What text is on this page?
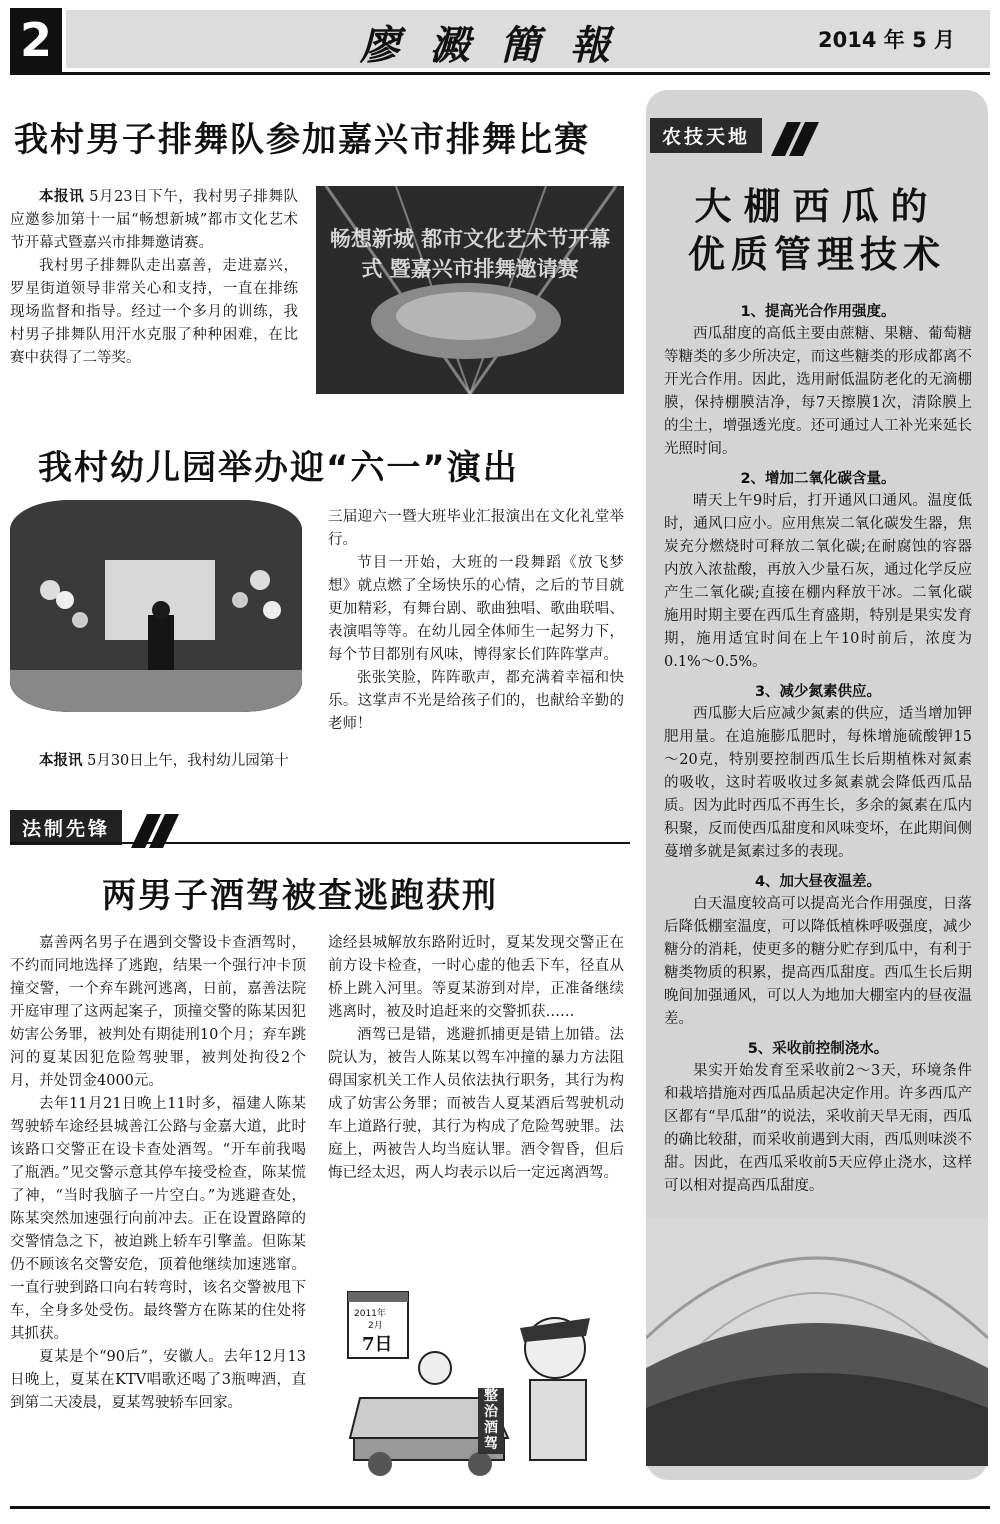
2	廖澱簡報	2014 年 5 月
我村男子排舞队参加嘉兴市排舞比赛

本报讯 5月23日下午，我村男子排舞队应邀参加第十一届“畅想新城”都市文化艺术节开幕式暨嘉兴市排舞邀请赛。

我村男子排舞队走出嘉善，走进嘉兴，罗星街道领导非常关心和支持，一直在排练现场监督和指导。经过一个多月的训练，我村男子排舞队用汗水克服了种种困难，在比赛中获得了二等奖。

畅想新城 都市文化艺术节开幕式 暨嘉兴市排舞邀请赛
我村幼儿园举办迎“六一”演出

本报讯 5月30日上午，我村幼儿园第十

三届迎六一暨大班毕业汇报演出在文化礼堂举行。

节目一开始，大班的一段舞蹈《放飞梦想》就点燃了全场快乐的心情，之后的节目就更加精彩，有舞台剧、歌曲独唱、歌曲联唱、表演唱等等。在幼儿园全体师生一起努力下，每个节目都别有风味，博得家长们阵阵掌声。

张张笑脸，阵阵歌声，都充满着幸福和快乐。这掌声不光是给孩子们的，也献给辛勤的老师！

法制先锋
两男子酒驾被查逃跑获刑

嘉善两名男子在遇到交警设卡查酒驾时，不约而同地选择了逃跑，结果一个强行冲卡顶撞交警，一个弃车跳河逃离，日前，嘉善法院开庭审理了这两起案子，顶撞交警的陈某因犯妨害公务罪，被判处有期徒刑10个月；弃车跳河的夏某因犯危险驾驶罪，被判处拘役2个月，并处罚金4000元。

去年11月21日晚上11时多，福建人陈某驾驶轿车途经县城善江公路与金嘉大道，此时该路口交警正在设卡查处酒驾。“开车前我喝了瓶酒。”见交警示意其停车接受检查，陈某慌了神，“当时我脑子一片空白。”为逃避查处，陈某突然加速强行向前冲去。正在设置路障的交警情急之下，被迫跳上轿车引擎盖。但陈某仍不顾该名交警安危，顶着他继续加速逃窜。一直行驶到路口向右转弯时，该名交警被甩下车，全身多处受伤。最终警方在陈某的住处将其抓获。

夏某是个“90后”，安徽人。去年12月13日晚上，夏某在KTV唱歌还喝了3瓶啤酒，直到第二天凌晨，夏某驾驶轿车回家。

途经县城解放东路附近时，夏某发现交警正在前方设卡检查，一时心虚的他丢下车，径直从桥上跳入河里。等夏某游到对岸，正准备继续逃离时，被及时追赶来的交警抓获……

酒驾已是错，逃避抓捕更是错上加错。法院认为，被告人陈某以驾车冲撞的暴力方法阻碍国家机关工作人员依法执行职务，其行为构成了妨害公务罪；而被告人夏某酒后驾驶机动车上道路行驶，其行为构成了危险驾驶罪。法庭上，两被告人均当庭认罪。酒令智昏，但后悔已经太迟，两人均表示以后一定远离酒驾。

2011年
2月
7日
整治酒驾
农技天地
大棚西瓜的
优质管理技术
1、提高光合作用强度。

西瓜甜度的高低主要由蔗糖、果糖、葡萄糖等糖类的多少所决定，而这些糖类的形成都离不开光合作用。因此，选用耐低温防老化的无滴棚膜，保持棚膜洁净，每7天擦膜1次，清除膜上的尘土，增强透光度。还可通过人工补光来延长光照时间。

2、增加二氧化碳含量。

晴天上午9时后，打开通风口通风。温度低时，通风口应小。应用焦炭二氧化碳发生器，焦炭充分燃烧时可释放二氧化碳;在耐腐蚀的容器内放入浓盐酸，再放入少量石灰，通过化学反应产生二氧化碳;直接在棚内释放干冰。二氧化碳施用时期主要在西瓜生育盛期，特别是果实发育期，施用适宜时间在上午10时前后，浓度为0.1%～0.5%。

3、减少氮素供应。

西瓜膨大后应减少氮素的供应，适当增加钾肥用量。在追施膨瓜肥时，每株增施硫酸钾15～20克，特别要控制西瓜生长后期植株对氮素的吸收，这时若吸收过多氮素就会降低西瓜品质。因为此时西瓜不再生长，多余的氮素在瓜内积聚，反而使西瓜甜度和风味变坏，在此期间侧蔓增多就是氮素过多的表现。

4、加大昼夜温差。

白天温度较高可以提高光合作用强度，日落后降低棚室温度，可以降低植株呼吸强度，减少糖分的消耗，使更多的糖分贮存到瓜中，有利于糖类物质的积累，提高西瓜甜度。西瓜生长后期晚间加强通风，可以人为地加大棚室内的昼夜温差。

5、采收前控制浇水。

果实开始发育至采收前2～3天，环境条件和栽培措施对西瓜品质起决定作用。许多西瓜产区都有“旱瓜甜”的说法，采收前天旱无雨，西瓜的确比较甜，而采收前遇到大雨，西瓜则味淡不甜。因此，在西瓜采收前5天应停止浇水，这样可以相对提高西瓜甜度。
